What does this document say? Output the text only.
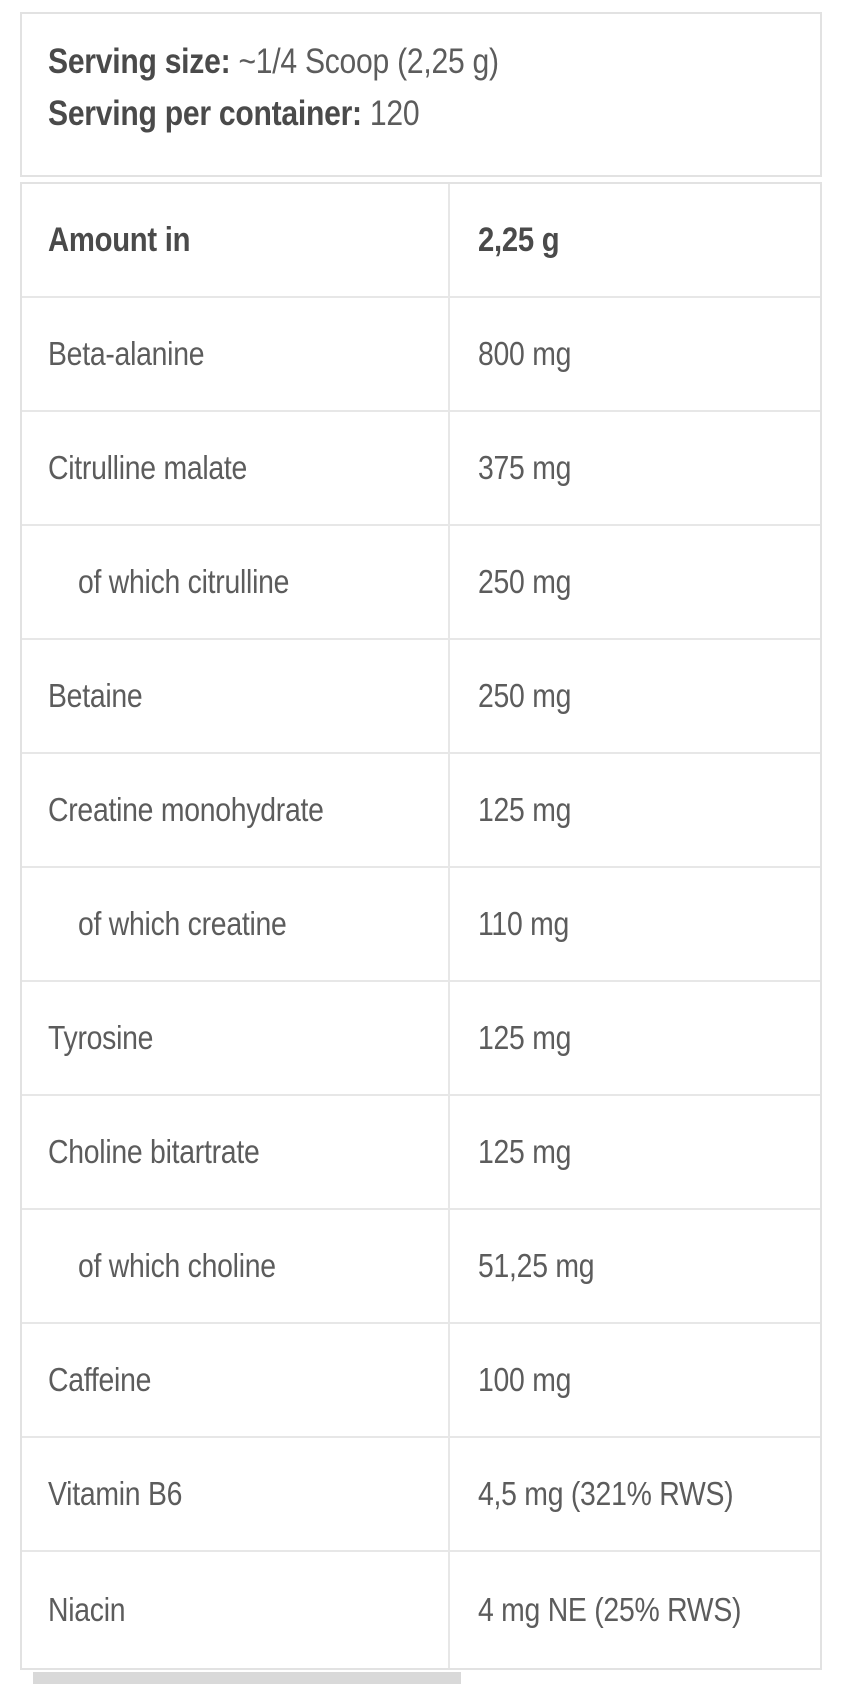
Serving size: ~1/4 Scoop (2,25 g)
Serving per container: 120
Amount in	2,25 g
Beta-alanine	800 mg
Citrulline malate	375 mg
of which citrulline	250 mg
Betaine	250 mg
Creatine monohydrate	125 mg
of which creatine	110 mg
Tyrosine	125 mg
Choline bitartrate	125 mg
of which choline	51,25 mg
Caffeine	100 mg
Vitamin B6	4,5 mg (321% RWS)
Niacin	4 mg NE (25% RWS)
